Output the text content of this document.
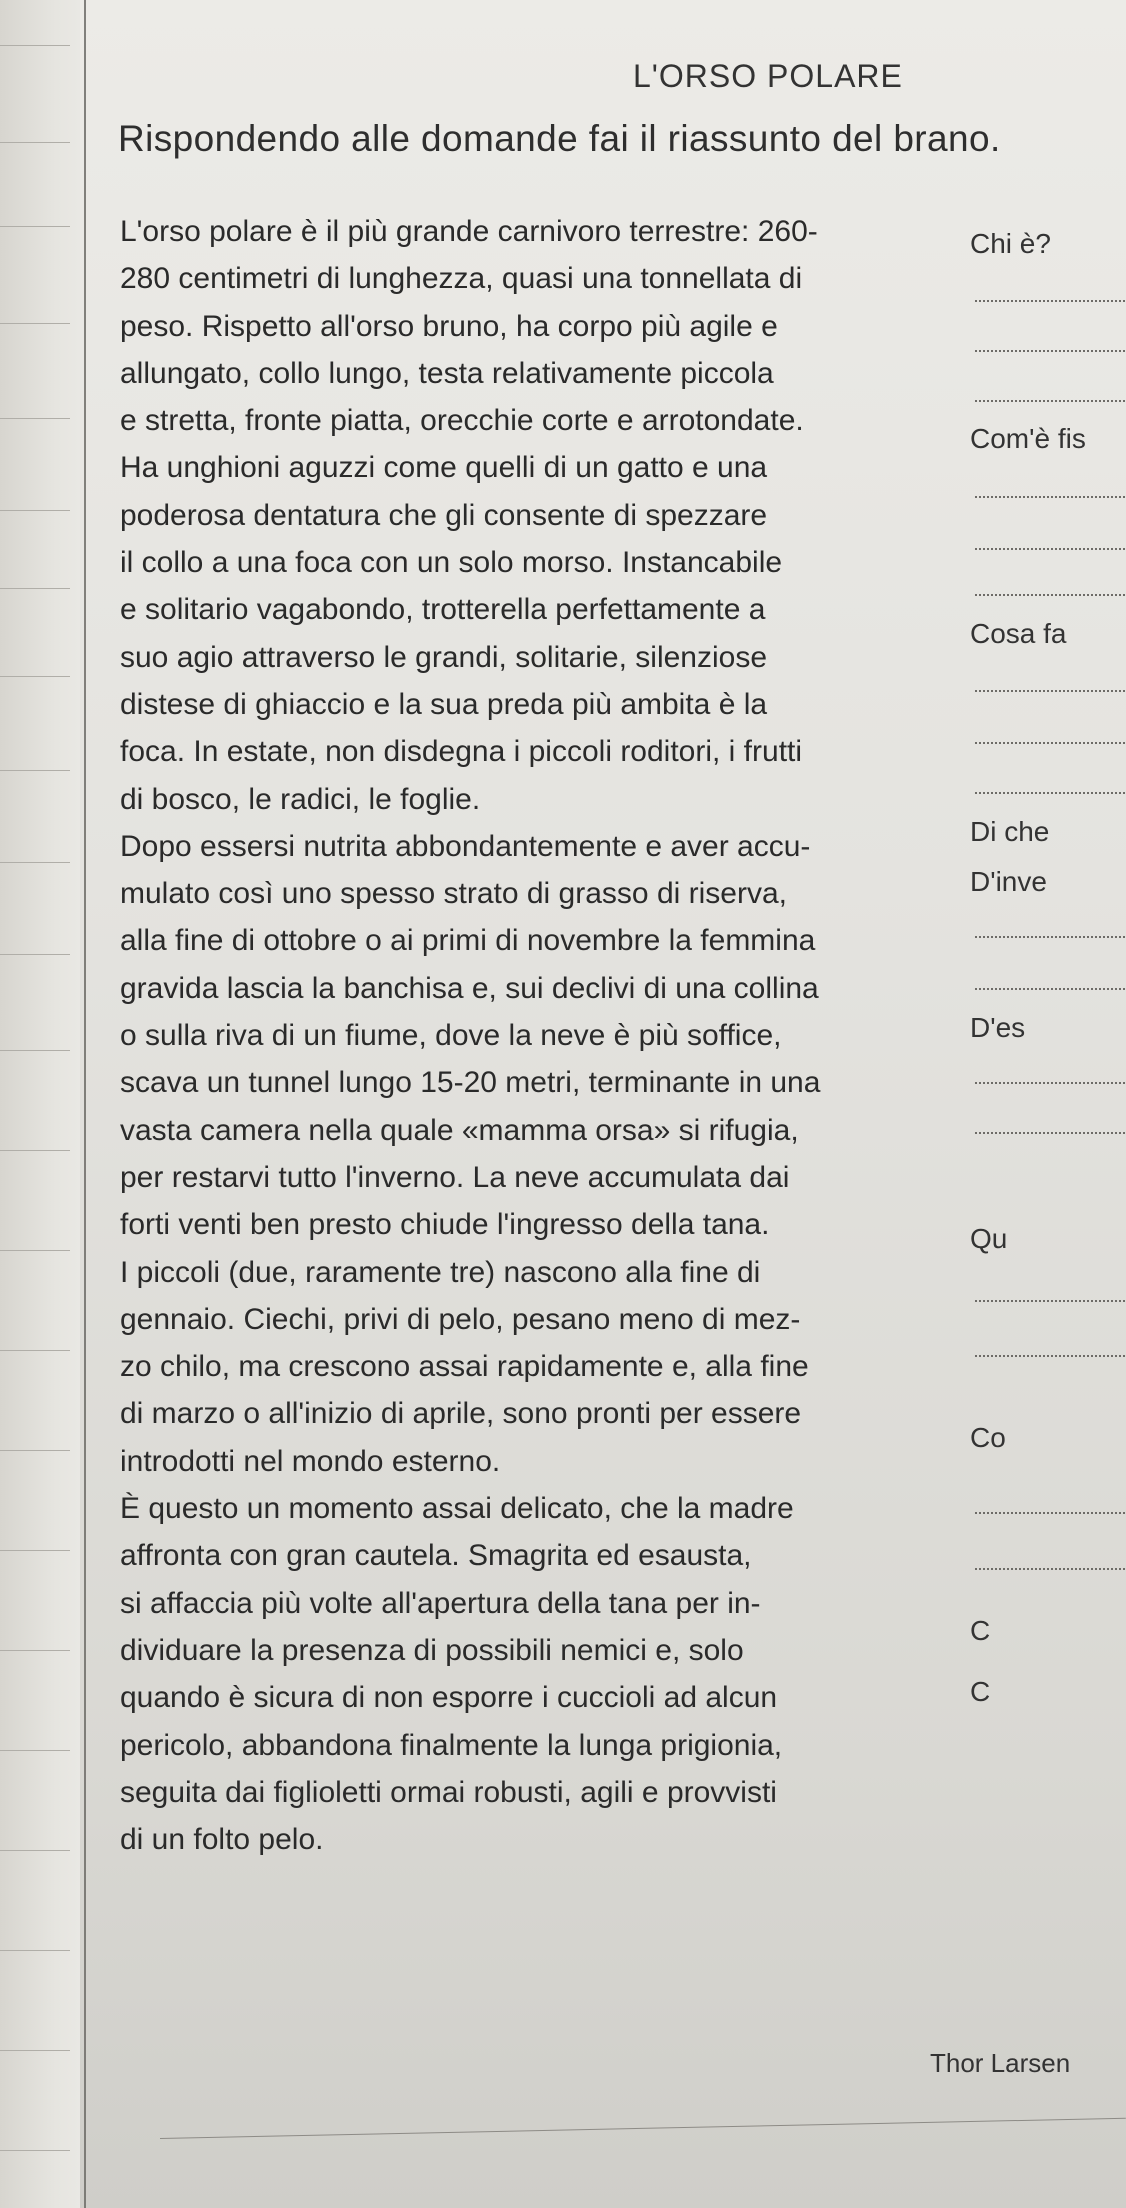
L'ORSO POLARE
Rispondendo alle domande fai il riassunto del brano.
L'orso polare è il più grande carnivoro terrestre: 260-
280 centimetri di lunghezza, quasi una tonnellata di
peso. Rispetto all'orso bruno, ha corpo più agile e
allungato, collo lungo, testa relativamente piccola
e stretta, fronte piatta, orecchie corte e arrotondate.
Ha unghioni aguzzi come quelli di un gatto e una
poderosa dentatura che gli consente di spezzare
il collo a una foca con un solo morso. Instancabile
e solitario vagabondo, trotterella perfettamente a
suo agio attraverso le grandi, solitarie, silenziose
distese di ghiaccio e la sua preda più ambita è la
foca. In estate, non disdegna i piccoli roditori, i frutti
di bosco, le radici, le foglie.
Dopo essersi nutrita abbondantemente e aver accu-
mulato così uno spesso strato di grasso di riserva,
alla fine di ottobre o ai primi di novembre la femmina
gravida lascia la banchisa e, sui declivi di una collina
o sulla riva di un fiume, dove la neve è più soffice,
scava un tunnel lungo 15-20 metri, terminante in una
vasta camera nella quale «mamma orsa» si rifugia,
per restarvi tutto l'inverno. La neve accumulata dai
forti venti ben presto chiude l'ingresso della tana.
I piccoli (due, raramente tre) nascono alla fine di
gennaio. Ciechi, privi di pelo, pesano meno di mez-
zo chilo, ma crescono assai rapidamente e, alla fine
di marzo o all'inizio di aprile, sono pronti per essere
introdotti nel mondo esterno.
È questo un momento assai delicato, che la madre
affronta con gran cautela. Smagrita ed esausta,
si affaccia più volte all'apertura della tana per in-
dividuare la presenza di possibili nemici e, solo
quando è sicura di non esporre i cuccioli ad alcun
pericolo, abbandona finalmente la lunga prigionia,
seguita dai figlioletti ormai robusti, agili e provvisti
di un folto pelo.
Thor Larsen
Chi è?
Com'è fis
Cosa fa
Di che
D'inve
D'es
Qu
Co
C
C
